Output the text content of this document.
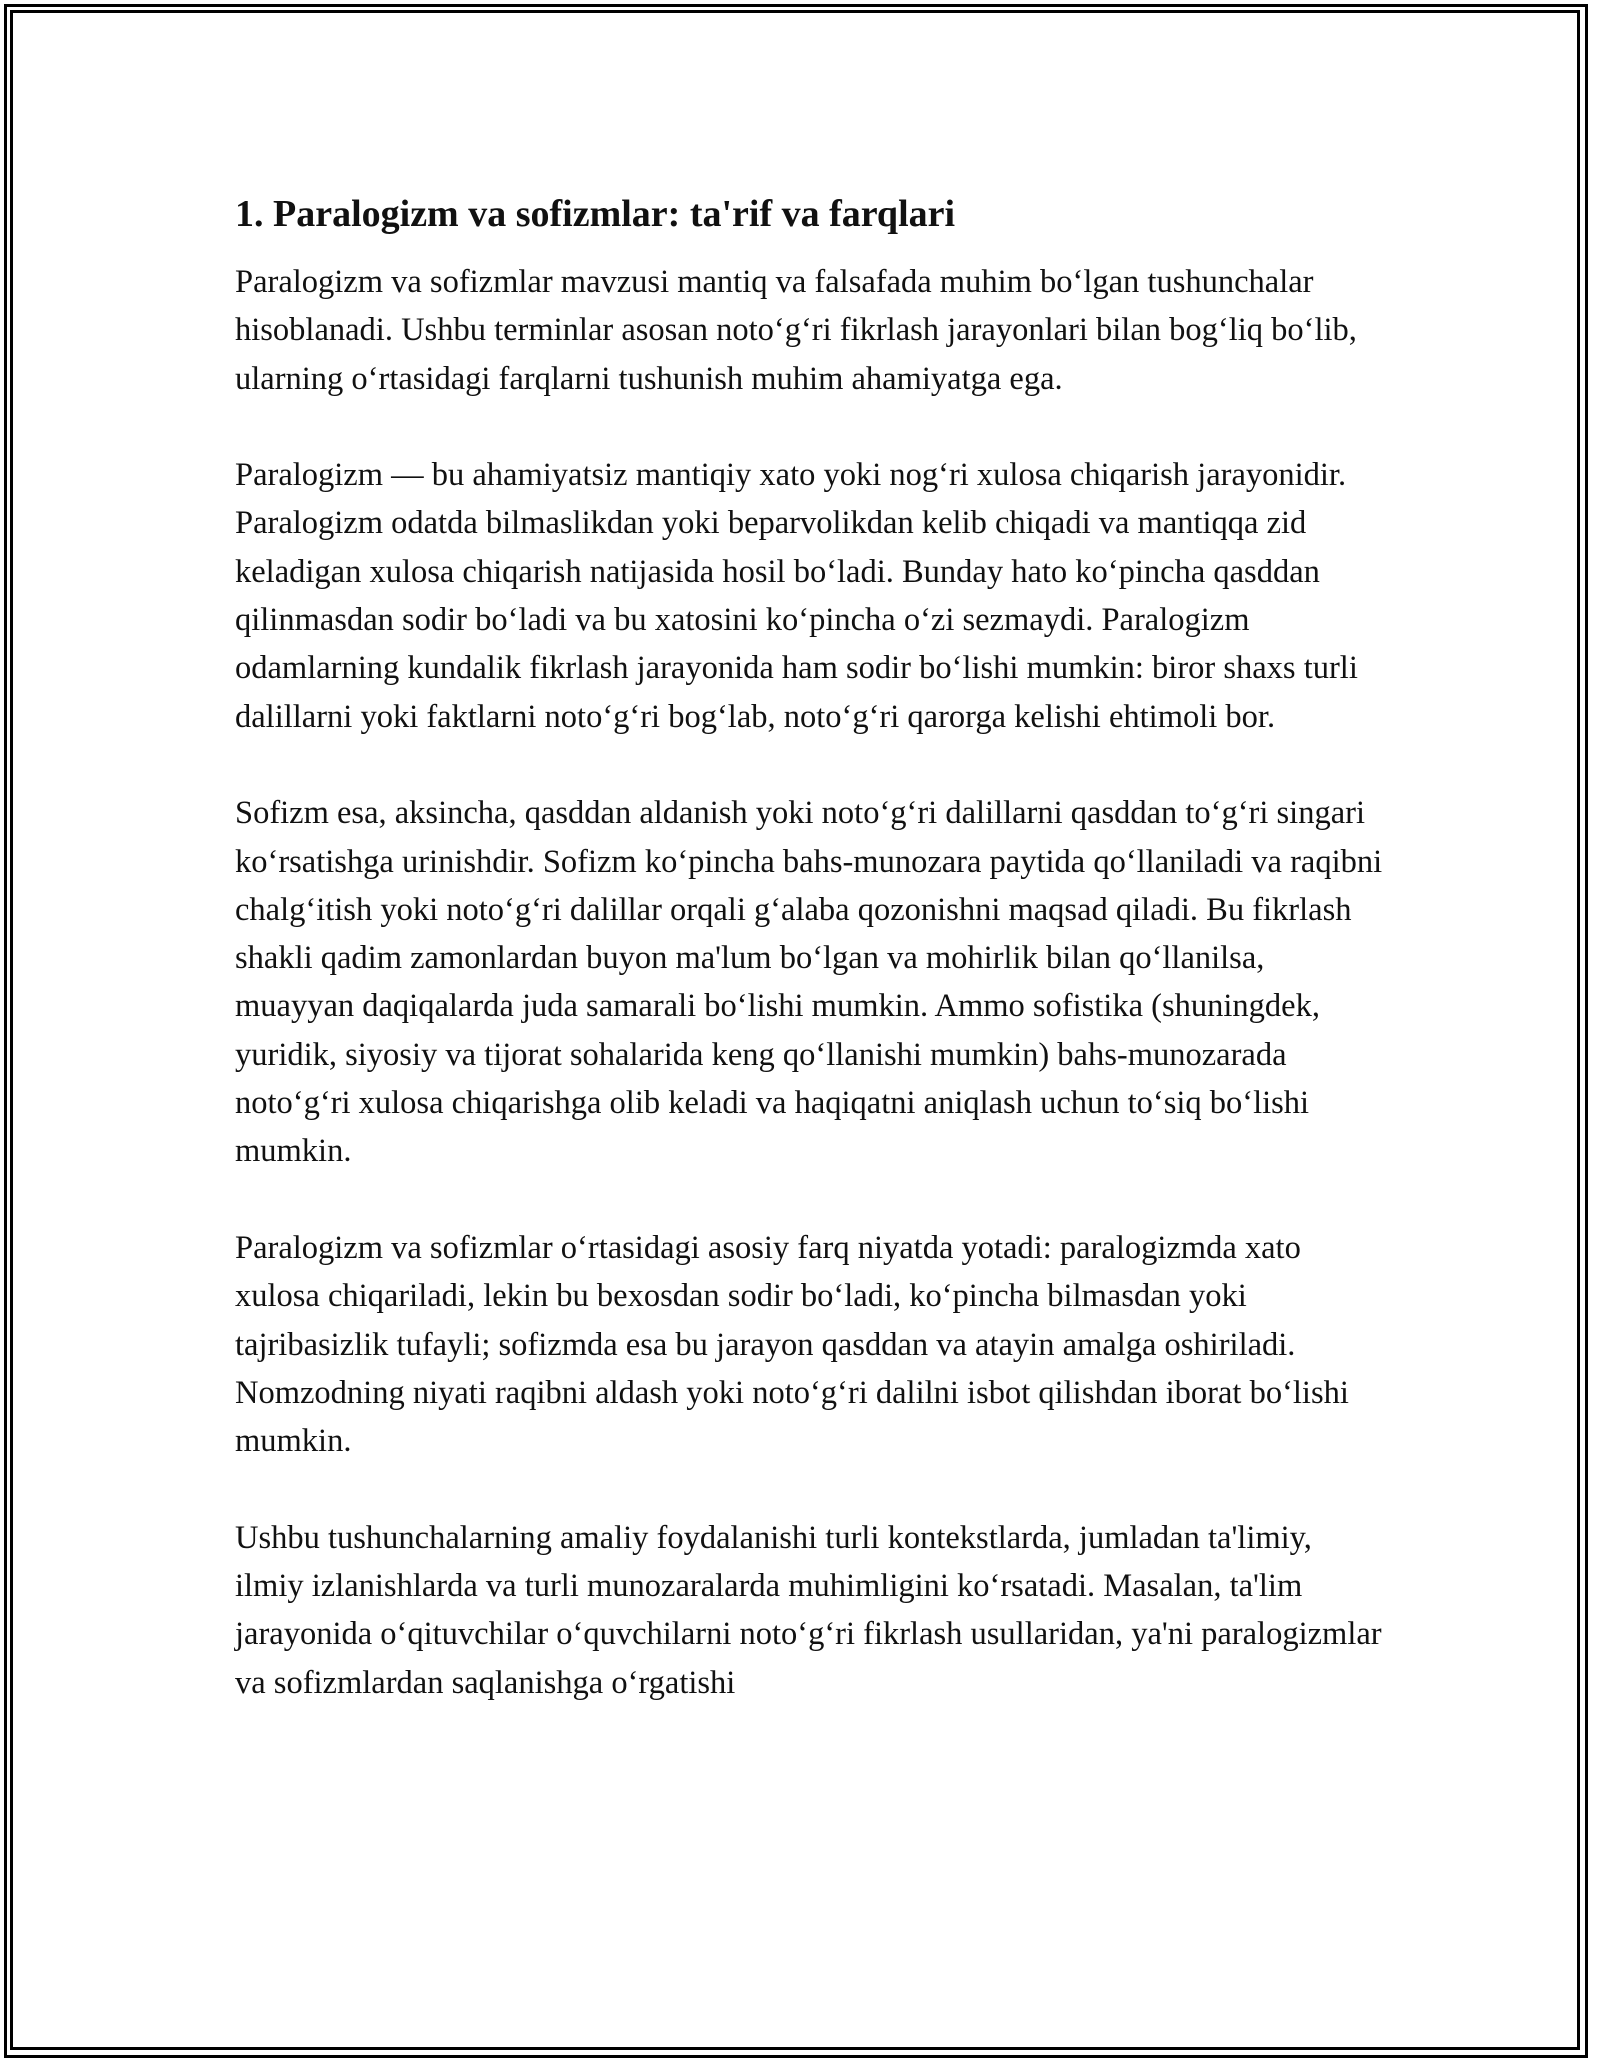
1. Paralogizm va sofizmlar: ta'rif va farqlari

Paralogizm va sofizmlar mavzusi mantiq va falsafada muhim bo‘lgan tushunchalar hisoblanadi. Ushbu terminlar asosan noto‘g‘ri fikrlash jarayonlari bilan bog‘liq bo‘lib, ularning o‘rtasidagi farqlarni tushunish muhim ahamiyatga ega.

Paralogizm — bu ahamiyatsiz mantiqiy xato yoki nog‘ri xulosa chiqarish jarayonidir. Paralogizm odatda bilmaslikdan yoki beparvolikdan kelib chiqadi va mantiqqa zid keladigan xulosa chiqarish natijasida hosil bo‘ladi. Bunday hato ko‘pincha qasddan qilinmasdan sodir bo‘ladi va bu xatosini ko‘pincha o‘zi sezmaydi. Paralogizm odamlarning kundalik fikrlash jarayonida ham sodir bo‘lishi mumkin: biror shaxs turli dalillarni yoki faktlarni noto‘g‘ri bog‘lab, noto‘g‘ri qarorga kelishi ehtimoli bor.

Sofizm esa, aksincha, qasddan aldanish yoki noto‘g‘ri dalillarni qasddan to‘g‘ri singari ko‘rsatishga urinishdir. Sofizm ko‘pincha bahs-munozara paytida qo‘llaniladi va raqibni chalg‘itish yoki noto‘g‘ri dalillar orqali g‘alaba qozonishni maqsad qiladi. Bu fikrlash shakli qadim zamonlardan buyon ma'lum bo‘lgan va mohirlik bilan qo‘llanilsa, muayyan daqiqalarda juda samarali bo‘lishi mumkin. Ammo sofistika (shuningdek, yuridik, siyosiy va tijorat sohalarida keng qo‘llanishi mumkin) bahs-munozarada noto‘g‘ri xulosa chiqarishga olib keladi va haqiqatni aniqlash uchun to‘siq bo‘lishi mumkin.

Paralogizm va sofizmlar o‘rtasidagi asosiy farq niyatda yotadi: paralogizmda xato xulosa chiqariladi, lekin bu bexosdan sodir bo‘ladi, ko‘pincha bilmasdan yoki tajribasizlik tufayli; sofizmda esa bu jarayon qasddan va atayin amalga oshiriladi. Nomzodning niyati raqibni aldash yoki noto‘g‘ri dalilni isbot qilishdan iborat bo‘lishi mumkin.

Ushbu tushunchalarning amaliy foydalanishi turli kontekstlarda, jumladan ta'limiy, ilmiy izlanishlarda va turli munozaralarda muhimligini ko‘rsatadi. Masalan, ta'lim jarayonida o‘qituvchilar o‘quvchilarni noto‘g‘ri fikrlash usullaridan, ya'ni paralogizmlar va sofizmlardan saqlanishga o‘rgatishi
